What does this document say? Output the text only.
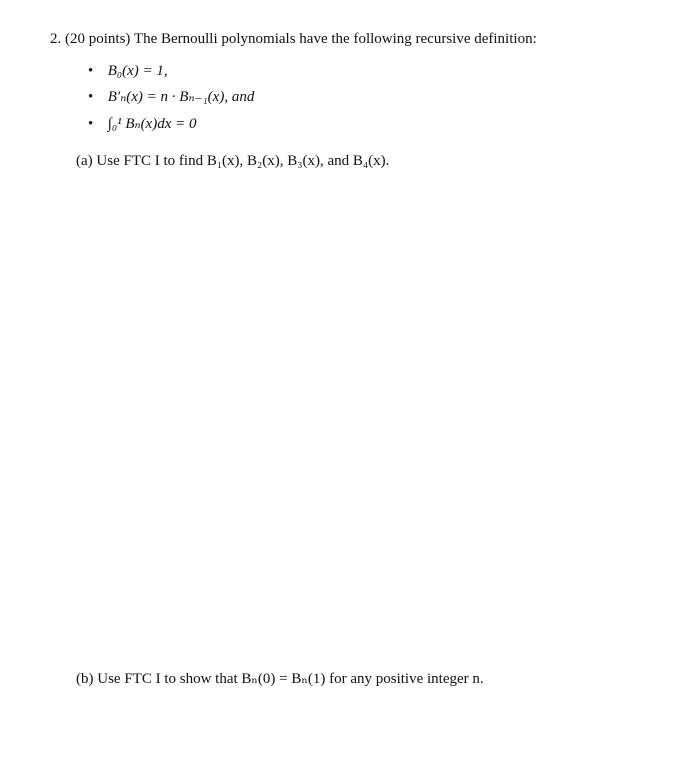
2. (20 points) The Bernoulli polynomials have the following recursive definition:
• B₀(x) = 1,
• B′ₙ(x) = n · Bₙ₋₁(x), and
• ∫₀¹ Bₙ(x)dx = 0
(a) Use FTC I to find B₁(x), B₂(x), B₃(x), and B₄(x).
(b) Use FTC I to show that Bₙ(0) = Bₙ(1) for any positive integer n.
